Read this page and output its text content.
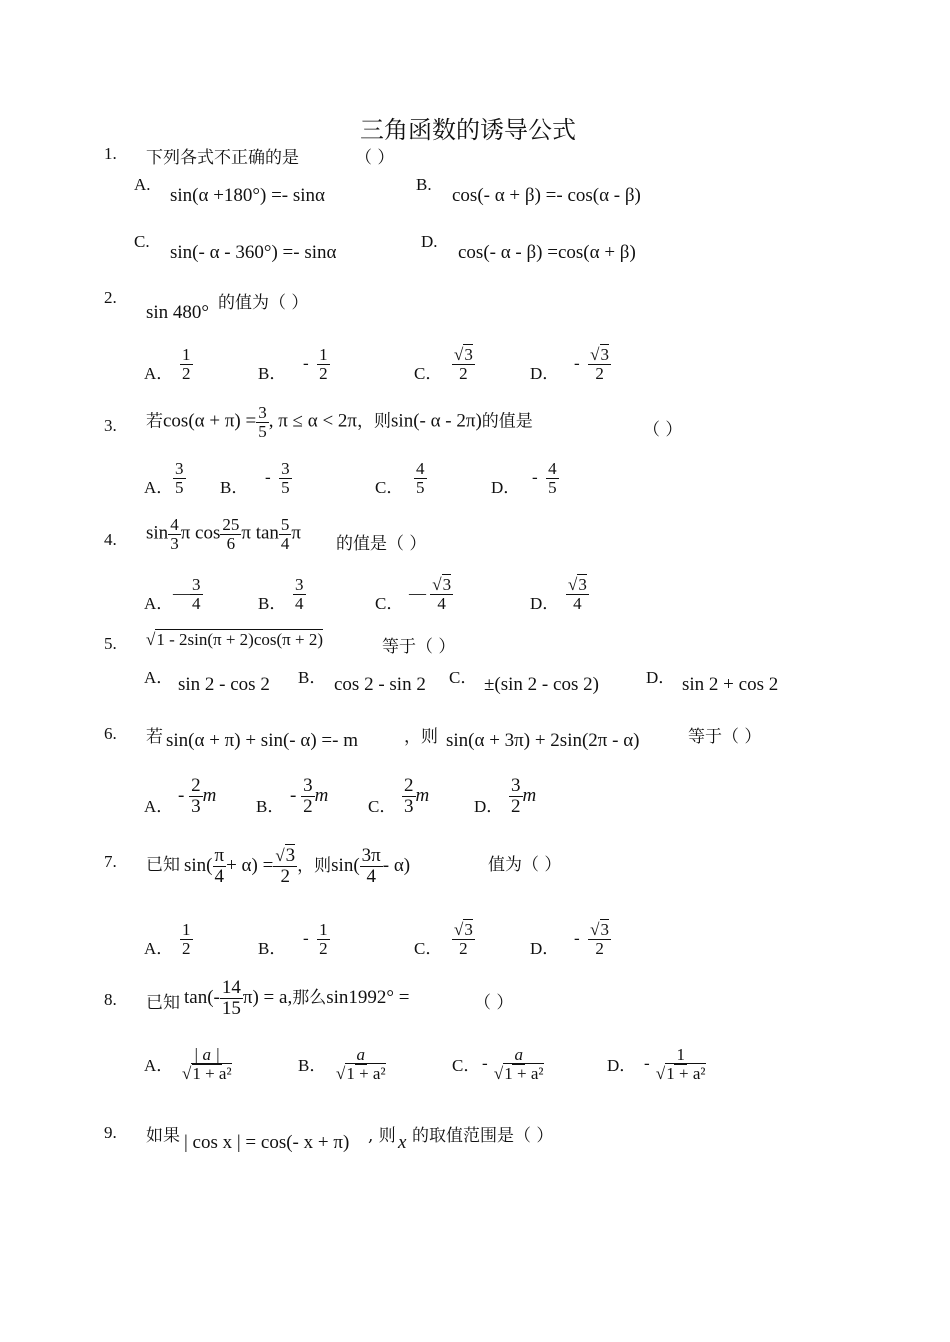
三角函数的诱导公式
1. 下列各式不正确的是	（ ）
A.
sin(α +180°) =- sinα
B.
cos(- α + β) =- cos(α - β)
C.
sin(- α - 360°) =- sinα
D.
cos(- α - β) =cos(α + β)
2.
sin 480° 的值为（ ）
A． $\frac{1}{2}$	B．
- $\frac{1}{2}$	C． $\frac{√3}{2}$	D．
- $\frac{√3}{2}$
3. 若$\cos(\alpha + \pi) = \frac{3}{5}$ , π ≤ α < 2π，则sin(- α - 2π)的值是	（ ）
A． $\frac{3}{5}$ B．
- $\frac{3}{5}$	C． $\frac{4}{5}$	D．
- $\frac{4}{5}$
4. $\sin \frac{4}{3}$ π $\cos \frac{25}{6}$ π $\tan \frac{5}{4}$ π
的值是（ ）
A．
— $\frac{3}{4}$	B． $\frac{3}{4}$	C．
— $\frac{√3}{4}$	D． $\frac{√3}{4}$
5. √1 - 2sin(π + 2)cos(π + 2)	等于（ ）
A． sin 2 - cos 2 B． cos 2 - sin 2 C． ±(sin 2 - cos 2)	D． sin 2 + cos 2
6. 若 sin(α + π) + sin(- α) =- m	，则 sin(α + 3π) + 2sin(2π - α)	等于（ ）
A．
- $\frac{2}{3}$ m
B．
- $\frac{3}{2}$ m
C． $\frac{2}{3}$ m
D． $\frac{3}{2}$ m
7. 已知 $\sin( \frac{\pi}{4} + \alpha) = \frac{√3}{2}$ ，则$\sin( \frac{3\pi}{4} - \alpha)$	值为（ ）
A． $\frac{1}{2}$	B．
- $\frac{1}{2}$	C． $\frac{√3}{2}$	D．
- $\frac{√3}{2}$
8. 已知 $\tan(- \frac{14}{15} \pi) = a$,那么sin1992° =	（ ）
A． $\frac{| a |}{\text{√1 + a²}}$	B． $\frac{a}{\text{√1 + a²}}$	C． - $\frac{a}{\text{√1 + a²}}$	D． - $\frac{1}{\text{√1 + a²}}$
9. 如果 | cos x | = cos(- x + π) , 则 x 的取值范围是（ ）
